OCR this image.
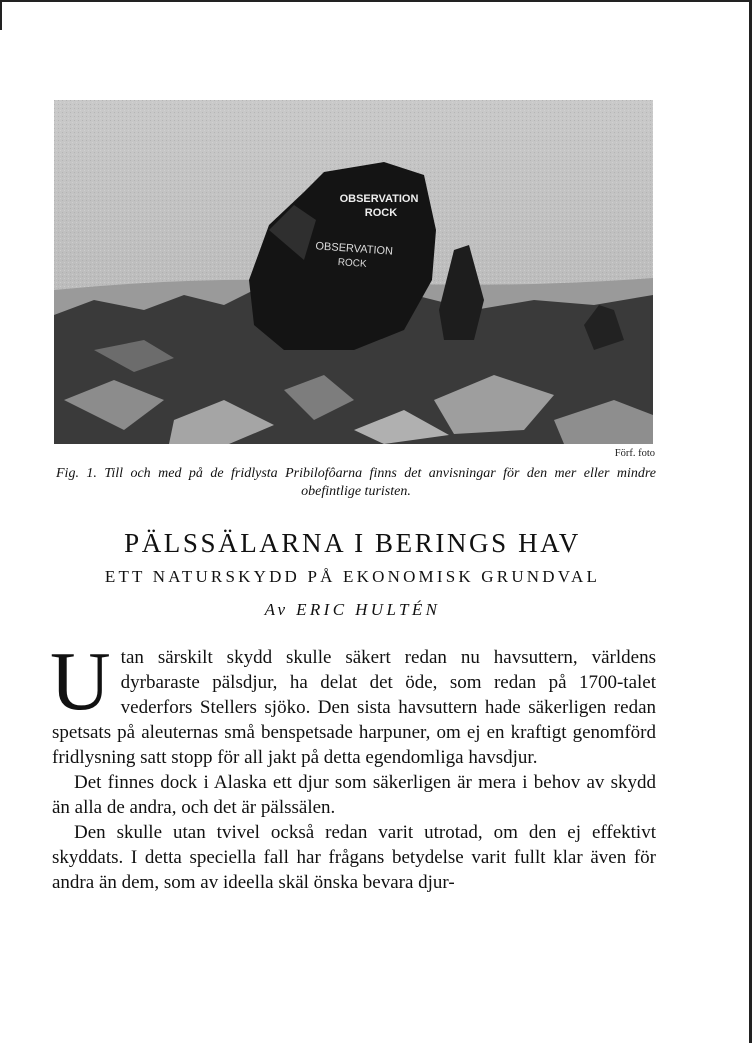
OBSERVATION
ROCK
OBSERVATION
ROCK
Förf. foto
Fig. 1. Till och med på de fridlysta Pribilofôarna finns det anvisningar för den mer eller mindre obefintlige turisten.
PÄLSSÄLARNA I BERINGS HAV
ETT NATURSKYDD PÅ EKONOMISK GRUNDVAL
Av ERIC HULTÉN

Utan särskilt skydd skulle säkert redan nu havsuttern, världens dyrbaraste pälsdjur, ha delat det öde, som redan på 1700-talet vederfors Stellers sjöko. Den sista havsuttern hade säkerligen redan spetsats på aleuternas små benspetsade harpuner, om ej en kraftigt genomförd fridlysning satt stopp för all jakt på detta egendomliga havsdjur.

Det finnes dock i Alaska ett djur som säkerligen är mera i behov av skydd än alla de andra, och det är pälssälen.

Den skulle utan tvivel också redan varit utrotad, om den ej effektivt skyddats. I detta speciella fall har frågans betydelse varit fullt klar även för andra än dem, som av ideella skäl önska bevara djur-
